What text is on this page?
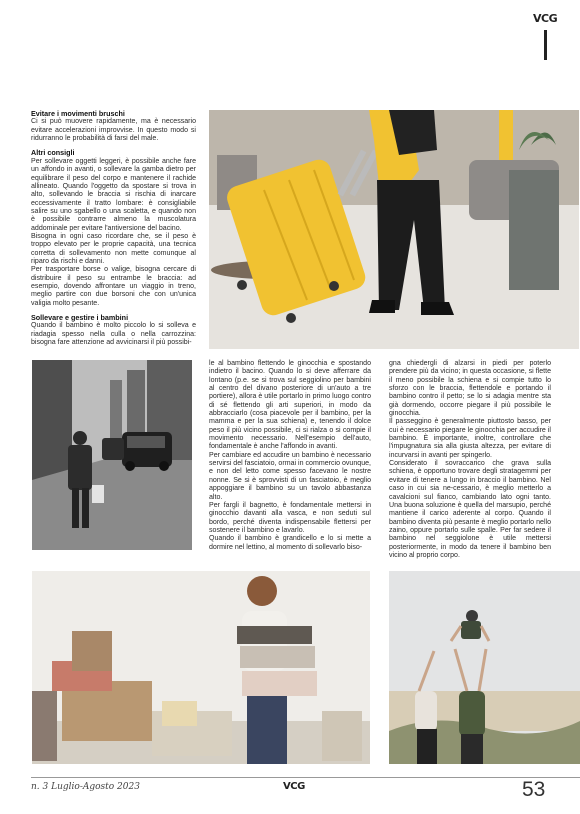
VCG
Evitare i movimenti bruschi

Ci si può muovere rapidamente, ma è necessario evitare accelerazioni improvvise. In questo modo si ridurranno le probabilità di farsi del male.

Altri consigli

Per sollevare oggetti leggeri, è possibile anche fare un affondo in avanti, o sollevare la gamba dietro per equilibrare il peso del corpo e mantenere il rachide allineato. Quando l'oggetto da spostare si trova in alto, sollevando le braccia si rischia di inarcare eccessivamente il tratto lombare: è consigliabile salire su uno sgabello o una scaletta, e quando non è possibile contrarre almeno la muscolatura addominale per evitare l'antiversione del bacino.

Bisogna in ogni caso ricordare che, se il peso è troppo elevato per le proprie capacità, una tecnica corretta di sollevamento non mette comunque al riparo da rischi e danni.

Per trasportare borse o valige, bisogna cercare di distribuire il peso su entrambe le braccia: ad esempio, dovendo affrontare un viaggio in treno, meglio partire con due borsoni che con un'unica valigia molto pesante.

Sollevare e gestire i bambini

Quando il bambino è molto piccolo lo si solleva e riadagia spesso nella culla o nella carrozzina: bisogna fare attenzione ad avvicinarsi il più possibi-

le al bambino flettendo le ginocchia e spostando indietro il bacino. Quando lo si deve afferrare da lontano (p.e. se si trova sul seggiolino per bambini al centro del divano posteriore di un'auto a tre portiere), allora è utile portarlo in primo luogo contro di sé flettendo gli arti superiori, in modo da abbracciarlo (cosa piacevole per il bambino, per la mamma e per la sua schiena) e, tenendo il dolce peso il più vicino possibile, ci si rialza o si compie il movimento necessario. Nell'esempio dell'auto, fondamentale è anche l'affondo in avanti.

Per cambiare ed accudire un bambino è necessario servirsi del fasciatoio, ormai in commercio ovunque, e non del letto come spesso facevano le nostre nonne. Se si è sprovvisti di un fasciatoio, è meglio appoggiare il bambino su un tavolo abbastanza alto.

Per fargli il bagnetto, è fondamentale mettersi in ginocchio davanti alla vasca, e non seduti sul bordo, perché diventa indispensabile flettersi per sostenere il bambino e lavarlo.

Quando il bambino è grandicello e lo si mette a dormire nel lettino, al momento di sollevarlo biso-

gna chiedergli di alzarsi in piedi per poterlo prendere più da vicino; in questa occasione, si flette il meno possibile la schiena e si compie tutto lo sforzo con le braccia, flettendole e portando il bambino contro il petto; se lo si adagia mentre sta già dormendo, occorre piegare il più possibile le ginocchia.

Il passeggino è generalmente piuttosto basso, per cui è necessario piegare le ginocchia per accudire il bambino. È importante, inoltre, controllare che l'impugnatura sia alla giusta altezza, per evitare di incurvarsi in avanti per spingerlo.

Considerato il sovraccarico che grava sulla schiena, è opportuno trovare degli stratagemmi per evitare di tenere a lungo in braccio il bambino. Nel caso in cui sia ne-cessario, è meglio metterlo a cavalcioni sul fianco, cambiando lato ogni tanto. Una buona soluzione è quella del marsupio, perché mantiene il carico aderente al corpo. Quando il bambino diventa più pesante è meglio portarlo nello zaino, oppure portarlo sulle spalle. Per far sedere il bambino nel seggiolone è utile mettersi posteriormente, in modo da tenere il bambino ben vicino al proprio corpo.

n. 3 Luglio-Agosto 2023	VCG	53
